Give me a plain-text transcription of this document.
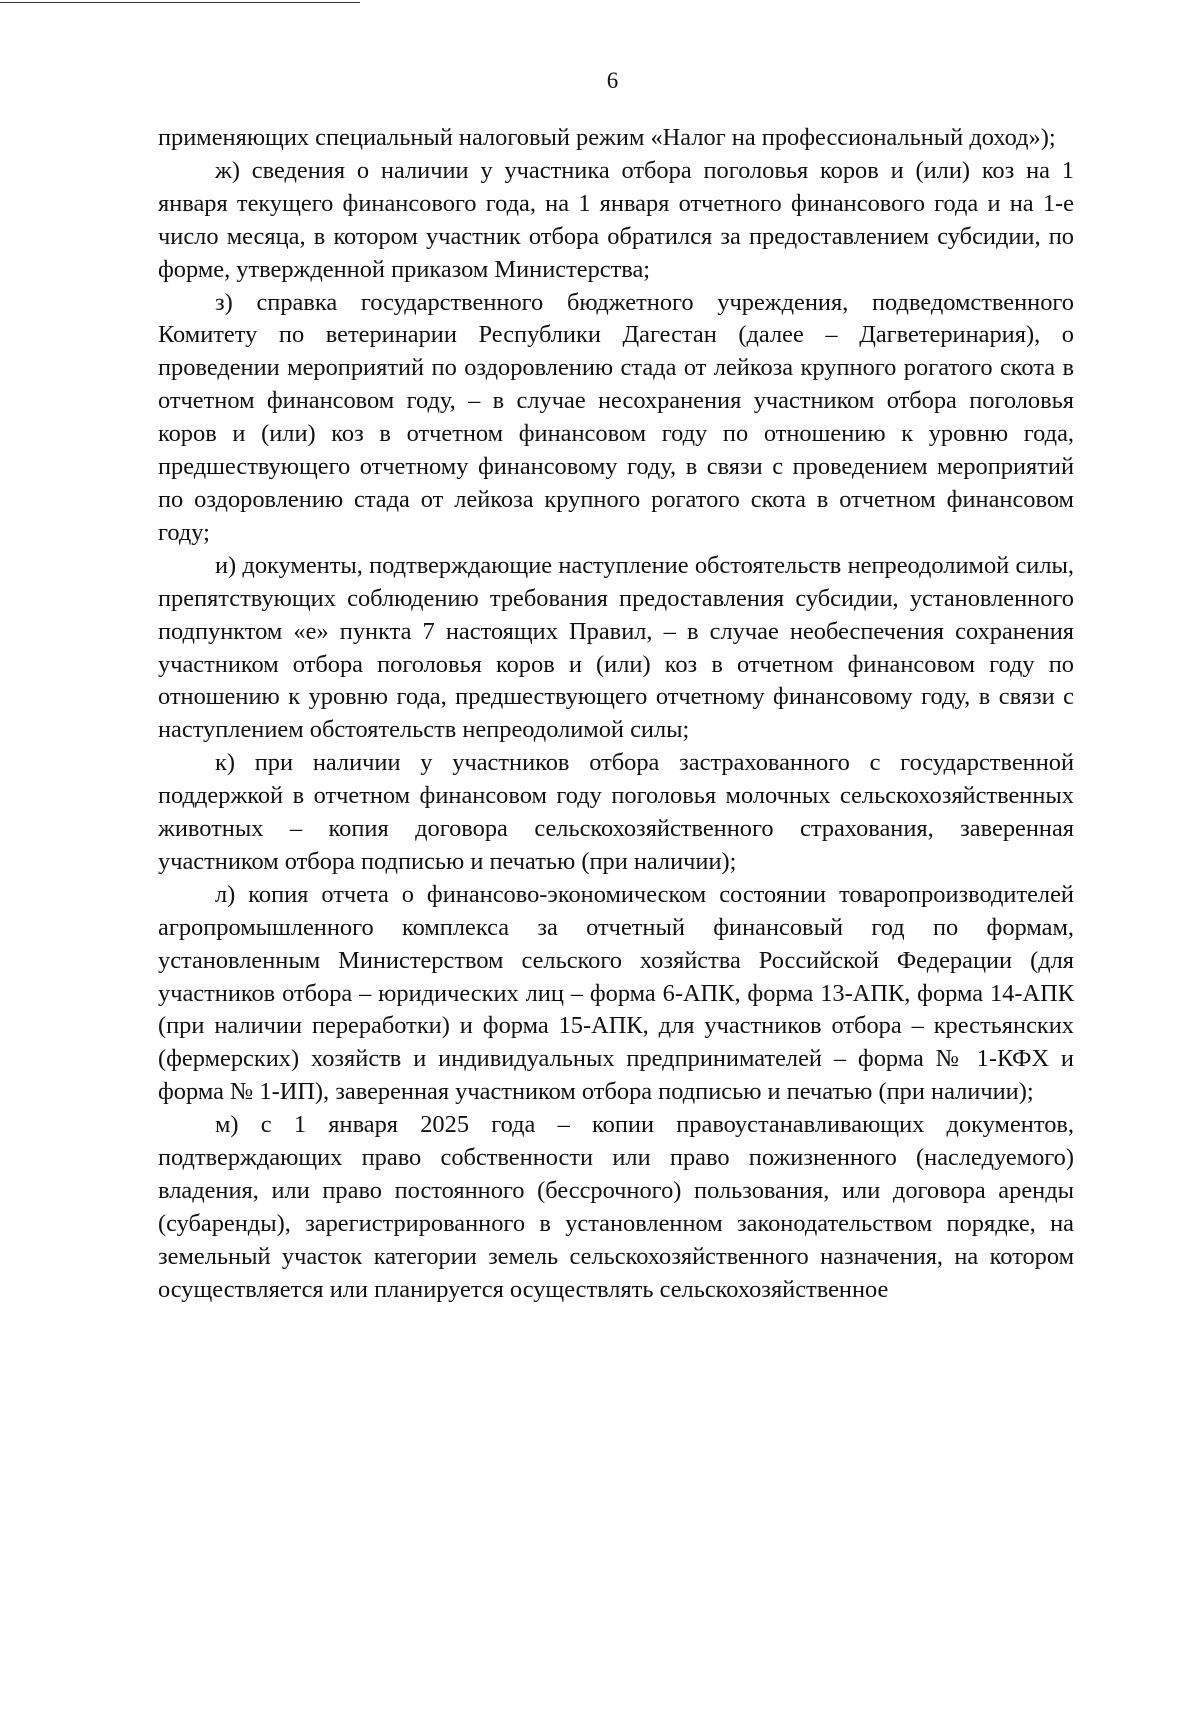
6

применяющих специальный налоговый режим «Налог на профессиональный доход»);

ж) сведения о наличии у участника отбора поголовья коров и (или) коз на 1 января текущего финансового года, на 1 января отчетного финансового года и на 1-е число месяца, в котором участник отбора обратился за предоставлением субсидии, по форме, утвержденной приказом Министерства;

з) справка государственного бюджетного учреждения, подведомственного Комитету по ветеринарии Республики Дагестан (далее – Дагветеринария), о проведении мероприятий по оздоровлению стада от лейкоза крупного рогатого скота в отчетном финансовом году, – в случае несохранения участником отбора поголовья коров и (или) коз в отчетном финансовом году по отношению к уровню года, предшествующего отчетному финансовому году, в связи с проведением мероприятий по оздоровлению стада от лейкоза крупного рогатого скота в отчетном финансовом году;

и) документы, подтверждающие наступление обстоятельств непреодолимой силы, препятствующих соблюдению требования предоставления субсидии, установленного подпунктом «е» пункта 7 настоящих Правил, – в случае необеспечения сохранения участником отбора поголовья коров и (или) коз в отчетном финансовом году по отношению к уровню года, предшествующего отчетному финансовому году, в связи с наступлением обстоятельств непреодолимой силы;

к) при наличии у участников отбора застрахованного с государственной поддержкой в отчетном финансовом году поголовья молочных сельскохозяйственных животных – копия договора сельскохозяйственного страхования, заверенная участником отбора подписью и печатью (при наличии);

л) копия отчета о финансово-экономическом состоянии товаропроизводителей агропромышленного комплекса за отчетный финансовый год по формам, установленным Министерством сельского хозяйства Российской Федерации (для участников отбора – юридических лиц – форма 6-АПК, форма 13-АПК, форма 14-АПК (при наличии переработки) и форма 15-АПК, для участников отбора – крестьянских (фермерских) хозяйств и индивидуальных предпринимателей – форма № 1-КФХ и форма № 1-ИП), заверенная участником отбора подписью и печатью (при наличии);

м) с 1 января 2025 года – копии правоустанавливающих документов, подтверждающих право собственности или право пожизненного (наследуемого) владения, или право постоянного (бессрочного) пользования, или договора аренды (субаренды), зарегистрированного в установленном законодательством порядке, на земельный участок категории земель сельскохозяйственного назначения, на котором осуществляется или планируется осуществлять сельскохозяйственное
